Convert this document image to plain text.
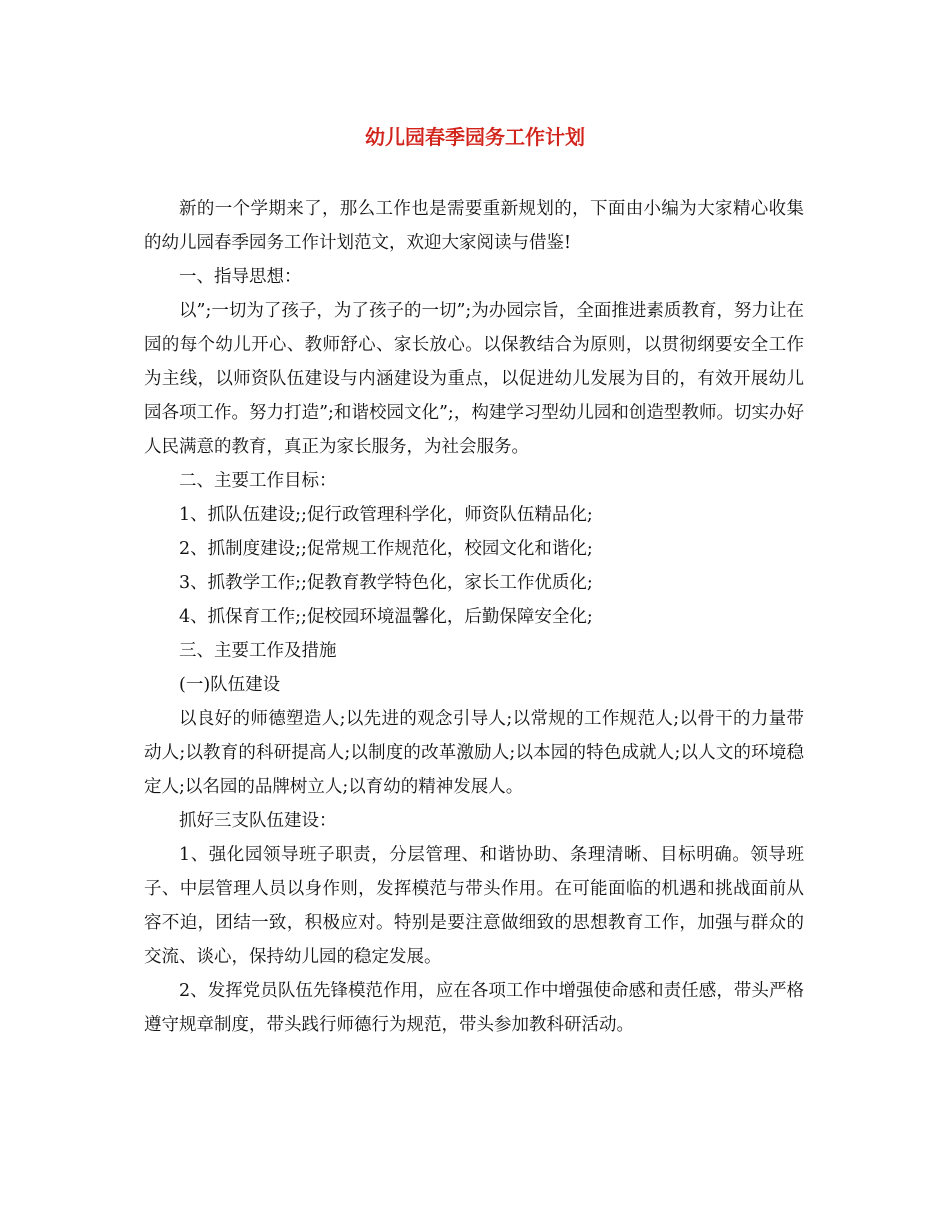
幼儿园春季园务工作计划

新的一个学期来了，那么工作也是需要重新规划的，下面由小编为大家精心收集的幼儿园春季园务工作计划范文，欢迎大家阅读与借鉴!

一、指导思想：

以”;一切为了孩子，为了孩子的一切”;为办园宗旨，全面推进素质教育，努力让在园的每个幼儿开心、教师舒心、家长放心。以保教结合为原则，以贯彻纲要安全工作为主线，以师资队伍建设与内涵建设为重点，以促进幼儿发展为目的，有效开展幼儿园各项工作。努力打造”;和谐校园文化”;，构建学习型幼儿园和创造型教师。切实办好人民满意的教育，真正为家长服务，为社会服务。

二、主要工作目标：

1、抓队伍建设;;促行政管理科学化，师资队伍精品化;

2、抓制度建设;;促常规工作规范化，校园文化和谐化;

3、抓教学工作;;促教育教学特色化，家长工作优质化;

4、抓保育工作;;促校园环境温馨化，后勤保障安全化;

三、主要工作及措施

(一)队伍建设

以良好的师德塑造人;以先进的观念引导人;以常规的工作规范人;以骨干的力量带动人;以教育的科研提高人;以制度的改革激励人;以本园的特色成就人;以人文的环境稳定人;以名园的品牌树立人;以育幼的精神发展人。

抓好三支队伍建设：

1、强化园领导班子职责，分层管理、和谐协助、条理清晰、目标明确。领导班子、中层管理人员以身作则，发挥模范与带头作用。在可能面临的机遇和挑战面前从容不迫，团结一致，积极应对。特别是要注意做细致的思想教育工作，加强与群众的交流、谈心，保持幼儿园的稳定发展。

2、发挥党员队伍先锋模范作用，应在各项工作中增强使命感和责任感，带头严格遵守规章制度，带头践行师德行为规范，带头参加教科研活动。
